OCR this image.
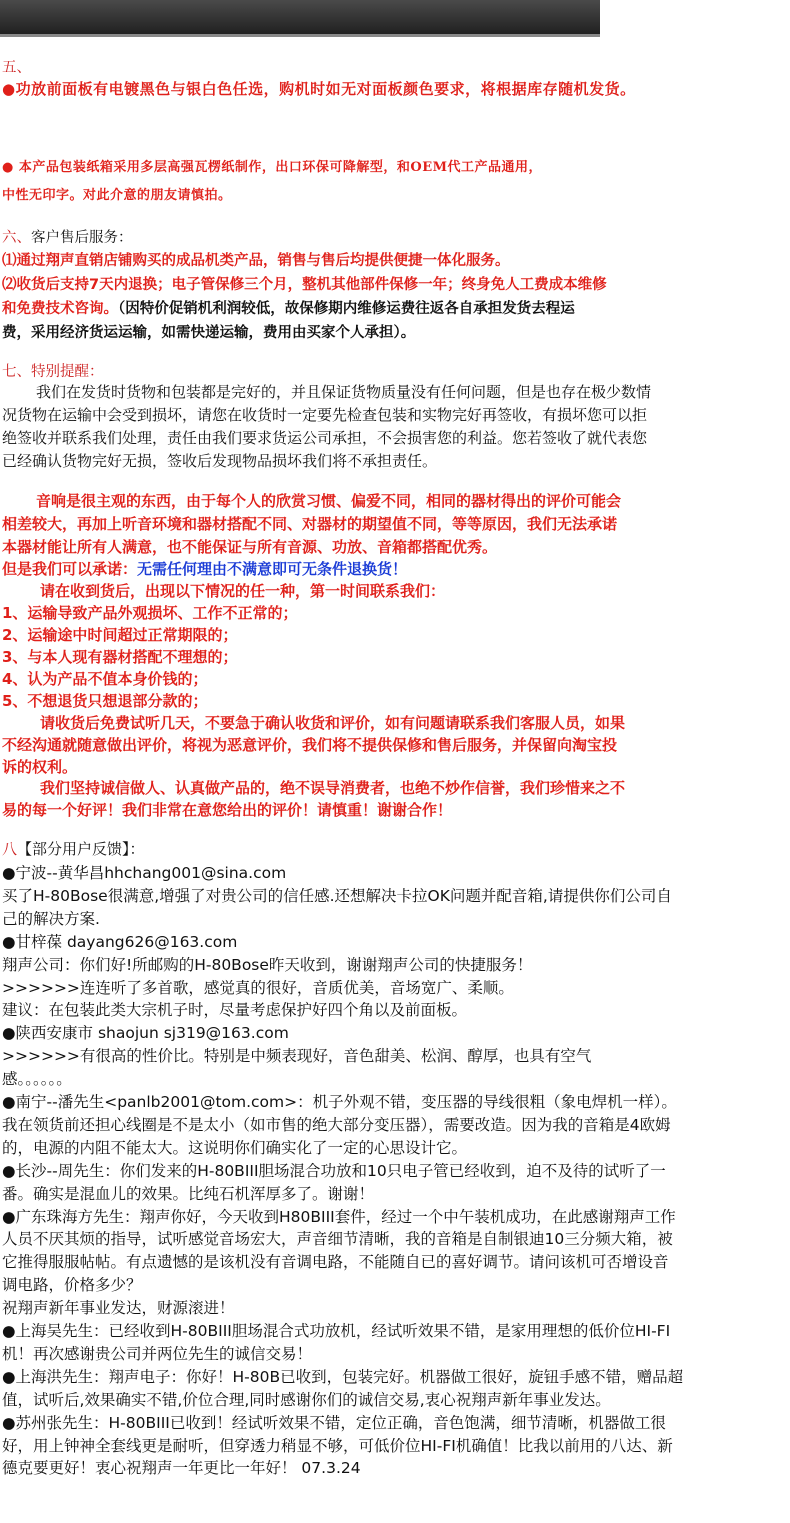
五、
●功放前面板有电镀黑色与银白色任选，购机时如无对面板颜色要求，将根据库存随机发货。
● 本产品包装纸箱采用多层高强瓦楞纸制作，出口环保可降解型，和OEM代工产品通用，
中性无印字。对此介意的朋友请慎拍。
六、客户售后服务：
⑴通过翔声直销店铺购买的成品机类产品，销售与售后均提供便捷一体化服务。
⑵收货后支持7天内退换；电子管保修三个月，整机其他部件保修一年；终身免人工费成本维修
和免费技术咨询。（因特价促销机利润较低，故保修期内维修运费往返各自承担发货去程运
费，采用经济货运运输，如需快递运输，费用由买家个人承担）。
七、特别提醒：
我们在发货时货物和包装都是完好的，并且保证货物质量没有任何问题，但是也存在极少数情
况货物在运输中会受到损坏，请您在收货时一定要先检查包装和实物完好再签收，有损坏您可以拒
绝签收并联系我们处理，责任由我们要求货运公司承担，不会损害您的利益。您若签收了就代表您
已经确认货物完好无损，签收后发现物品损坏我们将不承担责任。
音响是很主观的东西，由于每个人的欣赏习惯、偏爱不同，相同的器材得出的评价可能会
相差较大，再加上听音环境和器材搭配不同、对器材的期望值不同，等等原因，我们无法承诺
本器材能让所有人满意，也不能保证与所有音源、功放、音箱都搭配优秀。
但是我们可以承诺：无需任何理由不满意即可无条件退换货！
请在收到货后，出现以下情况的任一种，第一时间联系我们：
1、运输导致产品外观损坏、工作不正常的；
2、运输途中时间超过正常期限的；
3、与本人现有器材搭配不理想的；
4、认为产品不值本身价钱的；
5、不想退货只想退部分款的；
请收货后免费试听几天，不要急于确认收货和评价，如有问题请联系我们客服人员，如果
不经沟通就随意做出评价，将视为恶意评价，我们将不提供保修和售后服务，并保留向淘宝投
诉的权利。
我们坚持诚信做人、认真做产品的，绝不误导消费者，也绝不炒作信誉，我们珍惜来之不
易的每一个好评！我们非常在意您给出的评价！请慎重！谢谢合作！
八【部分用户反馈】：
●宁波--黄华昌hhchang001@sina.com
买了H-80Bose很满意,增强了对贵公司的信任感.还想解决卡拉OK问题并配音箱,请提供你们公司自
己的解决方案.
●甘梓葆 dayang626@163.com
翔声公司：你们好!所邮购的H-80Bose昨天收到，谢谢翔声公司的快捷服务！
>>>>>>连连听了多首歌，感觉真的很好，音质优美，音场宽广、柔顺。
建议：在包装此类大宗机子时，尽量考虑保护好四个角以及前面板。
●陕西安康市 shaojun sj319@163.com
>>>>>>有很高的性价比。特别是中频表现好，音色甜美、松润、醇厚，也具有空气
感。。。。。。
●南宁--潘先生<panlb2001@tom.com>：机子外观不错，变压器的导线很粗（象电焊机一样）。
我在领货前还担心线圈是不是太小（如市售的绝大部分变压器），需要改造。因为我的音箱是4欧姆
的，电源的内阻不能太大。这说明你们确实化了一定的心思设计它。
●长沙--周先生：你们发来的H-80BIII胆场混合功放和10只电子管已经收到，迫不及待的试听了一
番。确实是混血儿的效果。比纯石机浑厚多了。谢谢！
●广东珠海方先生：翔声你好，今天收到H80BIII套件，经过一个中午装机成功，在此感谢翔声工作
人员不厌其烦的指导，试听感觉音场宏大，声音细节清晰，我的音箱是自制银迪10三分频大箱，被
它推得服服帖帖。有点遗憾的是该机没有音调电路，不能随自已的喜好调节。请问该机可否增设音
调电路，价格多少？
祝翔声新年事业发达，财源滚进！
●上海吴先生：已经收到H-80BIII胆场混合式功放机，经试听效果不错，是家用理想的低价位HI-FI
机！再次感谢贵公司并两位先生的诚信交易！
●上海洪先生：翔声电子：你好！H-80B已收到，包装完好。机器做工很好，旋钮手感不错，赠品超
值，试听后,效果确实不错,价位合理,同时感谢你们的诚信交易,衷心祝翔声新年事业发达。
●苏州张先生：H-80BIII已收到！经试听效果不错，定位正确，音色饱满，细节清晰，机器做工很
好，用上钟神全套线更是耐听，但穿透力稍显不够，可低价位HI-FI机确值！比我以前用的八达、新
德克要更好！衷心祝翔声一年更比一年好！ 07.3.24
